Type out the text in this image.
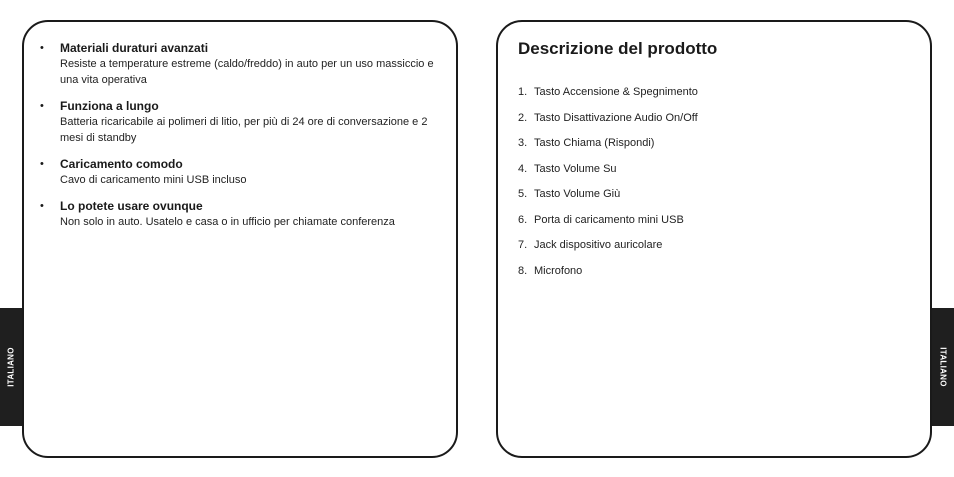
ITALIANO
• Materiali duraturi avanzati
Resiste a temperature estreme (caldo/freddo) in auto per un uso massiccio e una vita operativa
• Funziona a lungo
Batteria ricaricabile ai polimeri di litio, per più di 24 ore di conversazione e 2 mesi di standby
• Caricamento comodo
Cavo di caricamento mini USB incluso
• Lo potete usare ovunque
Non solo in auto. Usatelo e casa o in ufficio per chiamate conferenza
Descrizione del prodotto
1. Tasto Accensione & Spegnimento
2. Tasto Disattivazione Audio On/Off
3. Tasto Chiama (Rispondi)
4. Tasto Volume Su
5. Tasto Volume Giù
6. Porta di caricamento mini USB
7. Jack dispositivo auricolare
8. Microfono
ITALIANO
